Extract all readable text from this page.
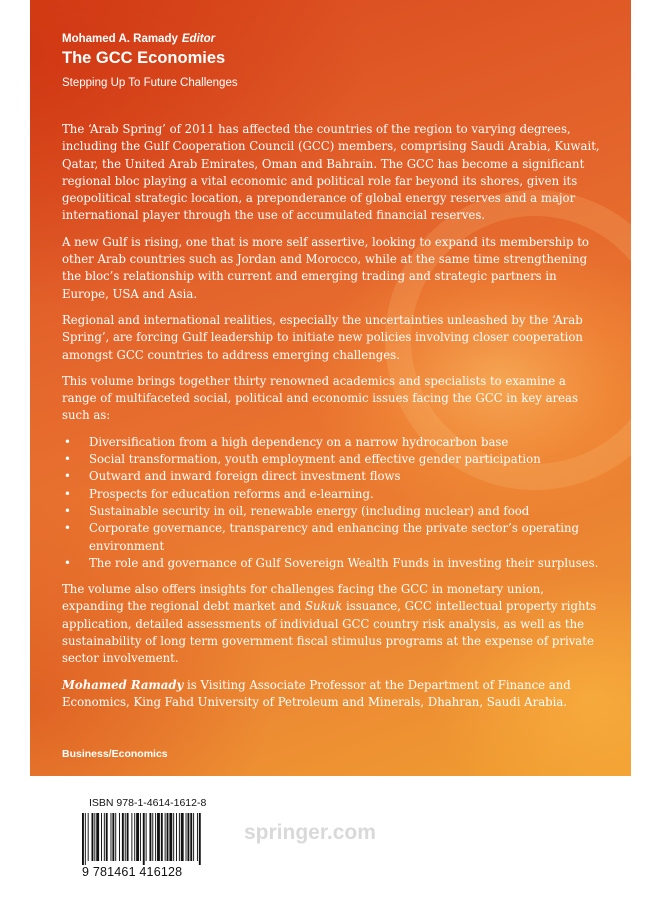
Mohamed A. Ramady Editor
The GCC Economies
Stepping Up To Future Challenges

The ‘Arab Spring’ of 2011 has affected the countries of the region to varying degrees, including the Gulf Cooperation Council (GCC) members, comprising Saudi Arabia, Kuwait, Qatar, the United Arab Emirates, Oman and Bahrain. The GCC has become a significant regional bloc playing a vital economic and political role far beyond its shores, given its geopolitical strategic location, a preponderance of global energy reserves and a major international player through the use of accumulated financial reserves.

A new Gulf is rising, one that is more self assertive, looking to expand its membership to other Arab countries such as Jordan and Morocco, while at the same time strengthening the bloc’s relationship with current and emerging trading and strategic partners in Europe, USA and Asia.

Regional and international realities, especially the uncertainties unleashed by the ‘Arab Spring’, are forcing Gulf leadership to initiate new policies involving closer cooperation amongst GCC countries to address emerging challenges.

This volume brings together thirty renowned academics and specialists to examine a range of multifaceted social, political and economic issues facing the GCC in key areas such as:

• Diversification from a high dependency on a narrow hydrocarbon base
• Social transformation, youth employment and effective gender participation
• Outward and inward foreign direct investment flows
• Prospects for education reforms and e-learning.
• Sustainable security in oil, renewable energy (including nuclear) and food
• Corporate governance, transparency and enhancing the private sector’s operating environment
• The role and governance of Gulf Sovereign Wealth Funds in investing their surpluses.

The volume also offers insights for challenges facing the GCC in monetary union, expanding the regional debt market and Sukuk issuance, GCC intellectual property rights application, detailed assessments of individual GCC country risk analysis, as well as the sustainability of long term government fiscal stimulus programs at the expense of private sector involvement.

Mohamed Ramady is Visiting Associate Professor at the Department of Finance and Economics, King Fahd University of Petroleum and Minerals, Dhahran, Saudi Arabia.

Business/Economics
ISBN 978-1-4614-1612-8
9 781461 416128
springer.com
